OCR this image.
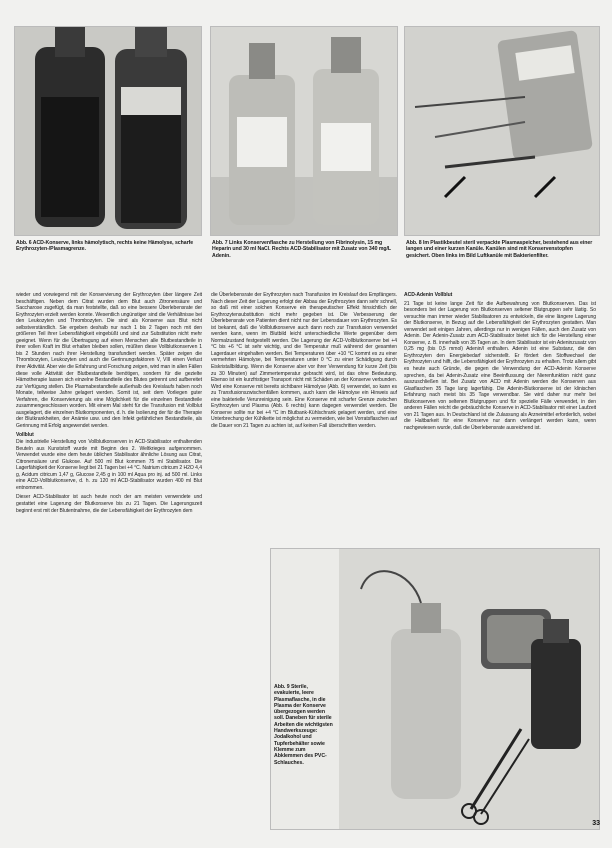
Abb. 6 ACD-Konserve, links hämolytisch, rechts keine Hämolyse, scharfe Erythrozyten-/Plasmagrenze.
Abb. 7 Links Konservenflasche zu Herstellung von Fibrinolysin, 15 mg Heparin und 30 ml NaCl. Rechts ACD-Stabilisator mit Zusatz von 340 mg/L Adenin.
Abb. 8 Im Plastikbeutel steril verpackte Plasmaspeicher, bestehend aus einer langen und einer kurzen Kanüle. Kanülen sind mit Konservenstopfen gesichert. Oben links im Bild Luftkanüle mit Bakterienfilter.

wieder und vorwiegend mit der Konservierung der Erythrozyten über längere Zeit beschäftigen. Neben dem Citrat wurden dem Blut auch Zitronensäure und Saccharose zugefügt, da man feststellte, daß so eine bessere Überlebensrate der Erythrozyten erzielt werden konnte. Wesentlich ungünstiger sind die Verhältnisse bei den Leukozyten und Thrombozyten. Die sind als Konserve aus Blut nicht selbstverständlich. Sie ergeben deshalb nur nach 1 bis 2 Tagen noch mit den größeren Teil ihrer Lebensfähigkeit eingebüßt und sind zur Substitution nicht mehr geeignet. Wenn für die Übertragung auf einen Menschen alle Blutbestandteile in ihrer vollen Kraft im Blut erhalten bleiben sollen, müßten diese Vollblutkonserven 1 bis 2 Stunden nach ihrer Herstellung transfundiert werden. Später zeigen die Thrombozyten, Leukozyten und auch die Gerinnungsfaktoren V, VIII einen Verlust ihrer Aktivität. Aber wie die Erfahrung und Forschung zeigen, wird man in allen Fällen diese volle Aktivität der Blutbestandteile benötigen, sondern für die gezielte Hämotherapie lassen sich einzelne Bestandteile des Blutes getrennt und aufbereitet zur Verfügung stellen. Die Plasmabestandteile außerhalb des Kreislaufs haben noch Monate, teilweise Jahre gelagert werden. Somit ist, seit dem Vorliegen guter Verfahren, die Konservierung als eine Möglichkeit für die einzelnen Bestandteile zusammengeschlossen worden. Mit einem Mal steht für die Transfusion mit Vollblut ausgelagert, die einzelnen Blutkomponenten, d. h. die Isolierung der für die Therapie der Blutkrankheiten, der Anämie usw. und den Infekt gefährlichen Bestandteile, als Gerinnung mit Erfolg angewendet werden.

Vollblut

Die industrielle Herstellung von Vollblutkonserven in ACD-Stabilisator enthaltenden Beuteln aus Kunststoff wurde mit Beginn des 2. Weltkrieges aufgenommen. Verwendet wurde eine dem heute üblichen Stabilisator ähnliche Lösung aus Citrat, Citronensäure und Glukose. Auf 500 ml Blut kommen 75 ml Stabilisator. Die Lagerfähigkeit der Konserve liegt bei 21 Tagen bei +4 °C. Natrium citricum 2 H2O 4,4 g, Acidum citricum 1,47 g, Glucose 2,45 g in 100 ml Aqua pro inj. ad 500 ml. Links eine ACD-Vollblutkonserve, d. h. zu 120 ml ACD-Stabilisator wurden 400 ml Blut entnommen.

Dieser ACD-Stabilisator ist auch heute noch der am meisten verwendete und gestattet eine Lagerung der Blutkonserve bis zu 21 Tagen. Die Lagerungszeit beginnt erst mit der Blutentnahme, die der Lebensfähigkeit der Erythrozyten dem

die Überlebensrate der Erythrozyten nach Transfusion im Kreislauf des Empfängers. Nach dieser Zeit der Lagerung erfolgt der Abbau der Erythrozyten dann sehr schnell, so daß mit einer solchen Konserve ein therapeutischer Effekt hinsichtlich der Erythrozytensubstitution nicht mehr gegeben ist. Die Verbesserung der Überlebensrate von Patienten dient nicht nur der Lebensdauer von Erythrozyten. Es ist bekannt, daß die Vollblutkonserve auch dann noch zur Transfusion verwendet werden kann, wenn im Blutbild leicht unterschiedliche Werte gegenüber dem Normalzustand festgestellt werden. Die Lagerung der ACD-Vollblutkonserve bei +4 °C bis +6 °C ist sehr wichtig, und die Temperatur muß während der gesamten Lagerdauer eingehalten werden. Bei Temperaturen über +10 °C kommt es zu einer vermehrten Hämolyse, bei Temperaturen unter 0 °C zu einer Schädigung durch Eiskristallbildung. Wenn die Konserve aber vor ihrer Verwendung für kurze Zeit (bis zu 30 Minuten) auf Zimmertemperatur gebracht wird, ist das ohne Bedeutung. Ebenso ist ein kurzfristiger Transport nicht mit Schäden an der Konserve verbunden. Wird eine Konserve mit bereits sichtbarer Hämolyse (Abb. 6) verwendet, so kann es zu Transfusionszwischenfällen kommen, auch kann die Hämolyse ein Hinweis auf eine bakterielle Verunreinigung sein. Eine Konserve mit scharfer Grenze zwischen Erythrozyten und Plasma (Abb. 6 rechts) kann dagegen verwendet werden. Die Konserve sollte nur bei +4 °C im Blutbank-Kühlschrank gelagert werden, und eine Unterbrechung der Kühlkette ist möglichst zu vermeiden, wie bei Vorratsflaschen auf die Dauer von 21 Tagen zu achten ist, auf keinen Fall überschritten werden.

ACD-Adenin Vollblut

21 Tage ist keine lange Zeit für die Aufbewahrung von Blutkonserven. Das ist besonders bei der Lagerung von Blutkonserven seltener Blutgruppen sehr lästig. So versuchte man immer wieder Stabilisatoren zu entwickeln, die eine längere Lagerung der Blutkonserve, in Bezug auf die Lebensfähigkeit der Erythrozyten gestatten. Man verwendet seit einigen Jahren, allerdings nur in wenigen Fällen, auch den Zusatz von Adenin. Der Adenin-Zusatz zum ACD-Stabilisator bietet sich für die Herstellung einer Konserve, z. B. innerhalb von 35 Tagen an. In dem Stabilisator ist ein Adeninzusatz von 0,25 mg (bis 0,5 mmol) Adenin/l enthalten. Adenin ist eine Substanz, die den Erythrozyten den Energiebedarf sicherstellt. Er fördert den Stoffwechsel der Erythrozyten und hilft, die Lebensfähigkeit der Erythrozyten zu erhalten. Trotz allem gibt es heute auch Gründe, die gegen die Verwendung der ACD-Adenin Konserve sprechen, da bei Adenin-Zusatz eine Beeinflussung der Nierenfunktion nicht ganz auszuschließen ist. Bei Zusatz von ACD mit Adenin werden die Konserven aus Glasflaschen 35 Tage lang lagerfähig. Die Adenin-Blutkonserve ist der klinischen Erfahrung nach meist bis 35 Tage verwendbar. Sie wird daher nur mehr bei Blutkonserven von seltenen Blutgruppen und für spezielle Fälle verwendet, in den anderen Fällen reicht die gebräuchliche Konserve in ACD-Stabilisator mit einer Laufzeit von 21 Tagen aus. In Deutschland ist die Zulassung als Arzneimittel erforderlich, wobei die Haltbarkeit für eine Konserve nur dann verlängert werden kann, wenn nachgewiesen wurde, daß die Überlebensrate ausreichend ist.

Abb. 9 Sterile, evakuierte, leere Plasmaflasche, in die Plasma der Konserve übergezogen werden soll. Daneben für sterile Arbeiten die wichtigsten Handwerkszeuge: Jodalkohol und Tupferbehälter sowie Klemme zum Abklemmen des PVC-Schlauches.
33
